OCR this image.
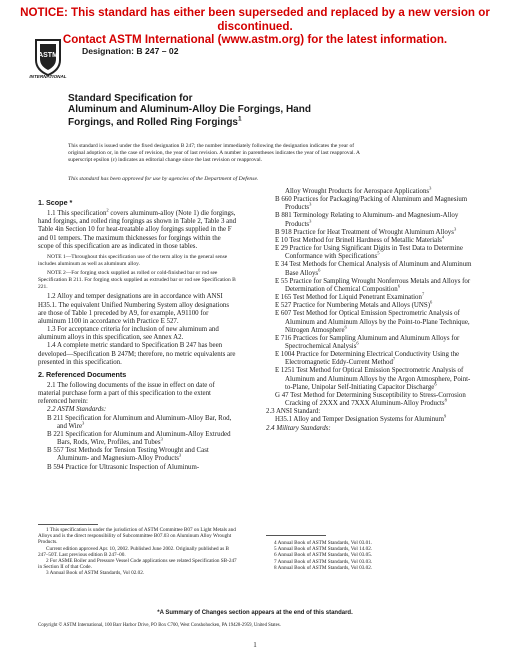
NOTICE: This standard has either been superseded and replaced by a new version or discontinued.
Contact ASTM International (www.astm.org) for the latest information.
ASTM
INTERNATIONAL
Designation: B 247 – 02
Standard Specification for
Aluminum and Aluminum-Alloy Die Forgings, Hand
Forgings, and Rolled Ring Forgings$^1$
This standard is issued under the fixed designation B 247; the number immediately following the designation indicates the year of
original adoption or, in the case of revision, the year of last revision. A number in parentheses indicates the year of last reapproval. A
superscript epsilon (ε) indicates an editorial change since the last revision or reapproval.
This standard has been approved for use by agencies of the Department of Defense.

1. Scope *

1.1 This specification$^2$ covers aluminum-alloy (Note 1) die forgings, hand forgings, and rolled ring forgings as shown in Table 2, Table 3 and Table 4in Section 10 for heat-treatable alloy forgings supplied in the F and 01 tempers. The maximum thicknesses for forgings within the scope of this specification are as indicated in those tables.

NOTE 1—Throughout this specification use of the term alloy in the general sense includes aluminum as well as aluminum alloy.

NOTE 2—For forging stock supplied as rolled or cold-finished bar or rod see Specification B 211. For forging stock supplied as extruded bar or rod see Specification B 221.

1.2 Alloy and temper designations are in accordance with ANSI H35.1. The equivalent Unified Numbering System alloy designations are those of Table 1 preceded by A9, for example, A91100 for aluminum 1100 in accordance with Practice E 527.

1.3 For acceptance criteria for inclusion of new aluminum and aluminum alloys in this specification, see Annex A2.

1.4 A complete metric standard to Specification B 247 has been developed—Specification B 247M; therefore, no metric equivalents are presented in this specification.

2. Referenced Documents

2.1 The following documents of the issue in effect on date of material purchase form a part of this specification to the extent referenced herein:

2.2 ASTM Standards:

B 211 Specification for Aluminum and Aluminum-Alloy Bar, Rod, and Wire$^3$

B 221 Specification for Aluminum and Aluminum-Alloy Extruded Bars, Rods, Wire, Profiles, and Tubes$^3$

B 557 Test Methods for Tension Testing Wrought and Cast Aluminum- and Magnesium-Alloy Products$^3$

B 594 Practice for Ultrasonic Inspection of Aluminum-

Alloy Wrought Products for Aerospace Applications$^3$

B 660 Practices for Packaging/Packing of Aluminum and Magnesium Products$^3$

B 881 Terminology Relating to Aluminum- and Magnesium-Alloy Products$^3$

B 918 Practice for Heat Treatment of Wrought Aluminum Alloys$^3$

E 10 Test Method for Brinell Hardness of Metallic Materials$^4$

E 29 Practice for Using Significant Digits in Test Data to Determine Conformance with Specifications$^5$

E 34 Test Methods for Chemical Analysis of Aluminum and Aluminum Base Alloys$^6$

E 55 Practice for Sampling Wrought Nonferrous Metals and Alloys for Determination of Chemical Composition$^6$

E 165 Test Method for Liquid Penetrant Examination$^7$

E 527 Practice for Numbering Metals and Alloys (UNS)$^6$

E 607 Test Method for Optical Emission Spectrometric Analysis of Aluminum and Aluminum Alloys by the Point-to-Plane Technique, Nitrogen Atmosphere$^6$

E 716 Practices for Sampling Aluminum and Aluminum Alloys for Spectrochemical Analysis$^6$

E 1004 Practice for Determining Electrical Conductivity Using the Electromagnetic Eddy-Current Method$^7$

E 1251 Test Method for Optical Emission Spectrometric Analysis of Aluminum and Aluminum Alloys by the Argon Atmosphere, Point-to-Plane, Unipolar Self-Initiating Capacitor Discharge$^6$

G 47 Test Method for Determining Susceptibility to Stress-Corrosion Cracking of 2XXX and 7XXX Aluminum-Alloy Products$^8$

2.3 ANSI Standard:

H35.1 Alloy and Temper Designation Systems for Aluminum$^9$

2.4 Military Standards:

1 This specification is under the jurisdiction of ASTM Committee B07 on Light Metals and Alloys and is the direct responsibility of Subcommittee B07.03 on Aluminum Alloy Wrought Products.

Current edition approved Apr. 10, 2002. Published June 2002. Originally published as B 247–50T. Last previous edition B 247–00.

2 For ASME Boiler and Pressure Vessel Code applications see related Specification SB-247 in Section II of that Code.

3 Annual Book of ASTM Standards, Vol 02.02.

4 Annual Book of ASTM Standards, Vol 03.01.

5 Annual Book of ASTM Standards, Vol 14.02.

6 Annual Book of ASTM Standards, Vol 03.05.

7 Annual Book of ASTM Standards, Vol 03.03.

8 Annual Book of ASTM Standards, Vol 03.02.

*A Summary of Changes section appears at the end of this standard.
Copyright © ASTM International, 100 Barr Harbor Drive, PO Box C700, West Conshohocken, PA 19428-2959, United States.
1
